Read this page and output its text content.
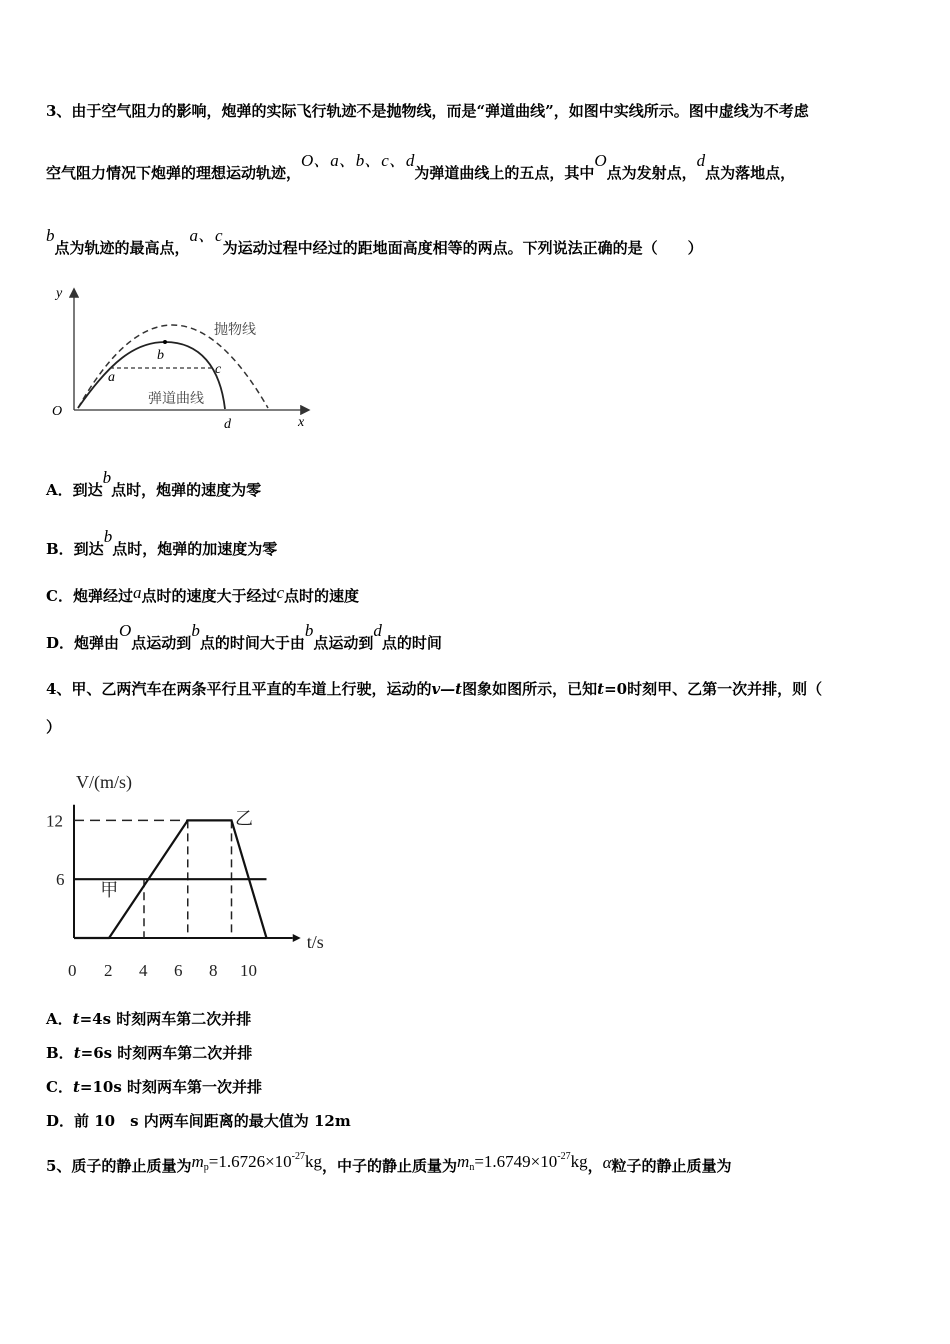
3、由于空气阻力的影响，炮弹的实际飞行轨迹不是抛物线，而是“弹道曲线”，如图中实线所示。图中虚线为不考虑
空气阻力情况下炮弹的理想运动轨迹，O、a、b、c、d为弹道曲线上的五点，其中O点为发射点，d点为落地点，
b点为轨迹的最高点，a、c为运动过程中经过的距地面高度相等的两点。下列说法正确的是（　　）
y
x
O
抛物线
弹道曲线
a
b
c
d
A．到达b点时，炮弹的速度为零
B．到达b点时，炮弹的加速度为零
C．炮弹经过a点时的速度大于经过c点时的速度
D．炮弹由O点运动到b点的时间大于由b点运动到d点的时间
4、甲、乙两汽车在两条平行且平直的车道上行驶，运动的v—t图象如图所示，已知t=0时刻甲、乙第一次并排，则（
）
V/(m/s)
t/s
0 2 4 6 8 10
6
12
甲
乙
A．t=4s 时刻两车第二次并排
B．t=6s 时刻两车第二次并排
C．t=10s 时刻两车第一次并排
D．前 10　s 内两车间距离的最大值为 12m
5、质子的静止质量为$mp=1.6726\times 10^{-27}kg$，中子的静止质量为$mn=1.6749\times 10^{-27}kg$，α粒子的静止质量为
